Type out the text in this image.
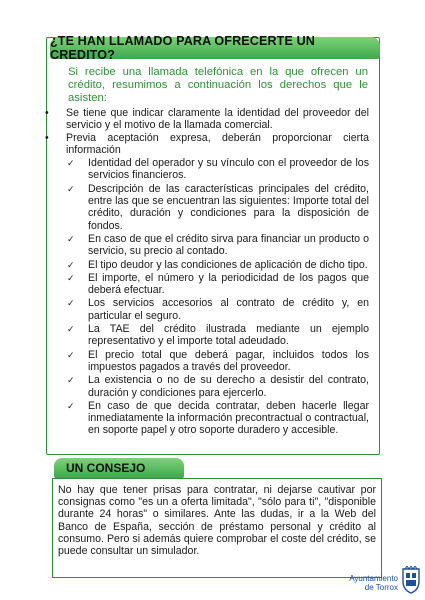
¿TE HAN LLAMADO PARA OFRECERTE UN CREDITO?
Si recibe una llamada telefónica en la que ofrecen un crédito, resumimos a continuación los derechos que le asisten:
• Se tiene que indicar claramente la identidad del proveedor del servicio y el motivo de la llamada comercial.
• Previa aceptación expresa, deberán proporcionar cierta información
✓ Identidad del operador y su vínculo con el proveedor de los servicios financieros.
✓ Descripción de las características principales del crédito, entre las que se encuentran las siguientes: Importe total del crédito, duración y condiciones para la disposición de fondos.
✓ En caso de que el crédito sirva para financiar un producto o servicio, su precio al contado.
✓ El tipo deudor y las condiciones de aplicación de dicho tipo.
✓ El importe, el número y la periodicidad de los pagos que deberá efectuar.
✓ Los servicios accesorios al contrato de crédito y, en particular el seguro.
✓ La TAE del crédito ilustrada mediante un ejemplo representativo y el importe total adeudado.
✓ El precio total que deberá pagar, incluidos todos los impuestos pagados a través del proveedor.
✓ La existencia o no de su derecho a desistir del contrato, duración y condiciones para ejercerlo.
✓ En caso de que decida contratar, deben hacerle llegar inmediatamente la información precontractual o contractual, en soporte papel y otro soporte duradero y accesible.
UN CONSEJO
No hay que tener prisas para contratar, ni dejarse cautivar por consignas como "es un a oferta limitada", "sólo para ti", "disponible durante 24 horas" o similares. Ante las dudas, ir a la Web del Banco de España, sección de préstamo personal y crédito al consumo. Pero si además quiere comprobar el coste del crédito, se puede consultar un simulador.
Ayuntamiento
de Torrox
